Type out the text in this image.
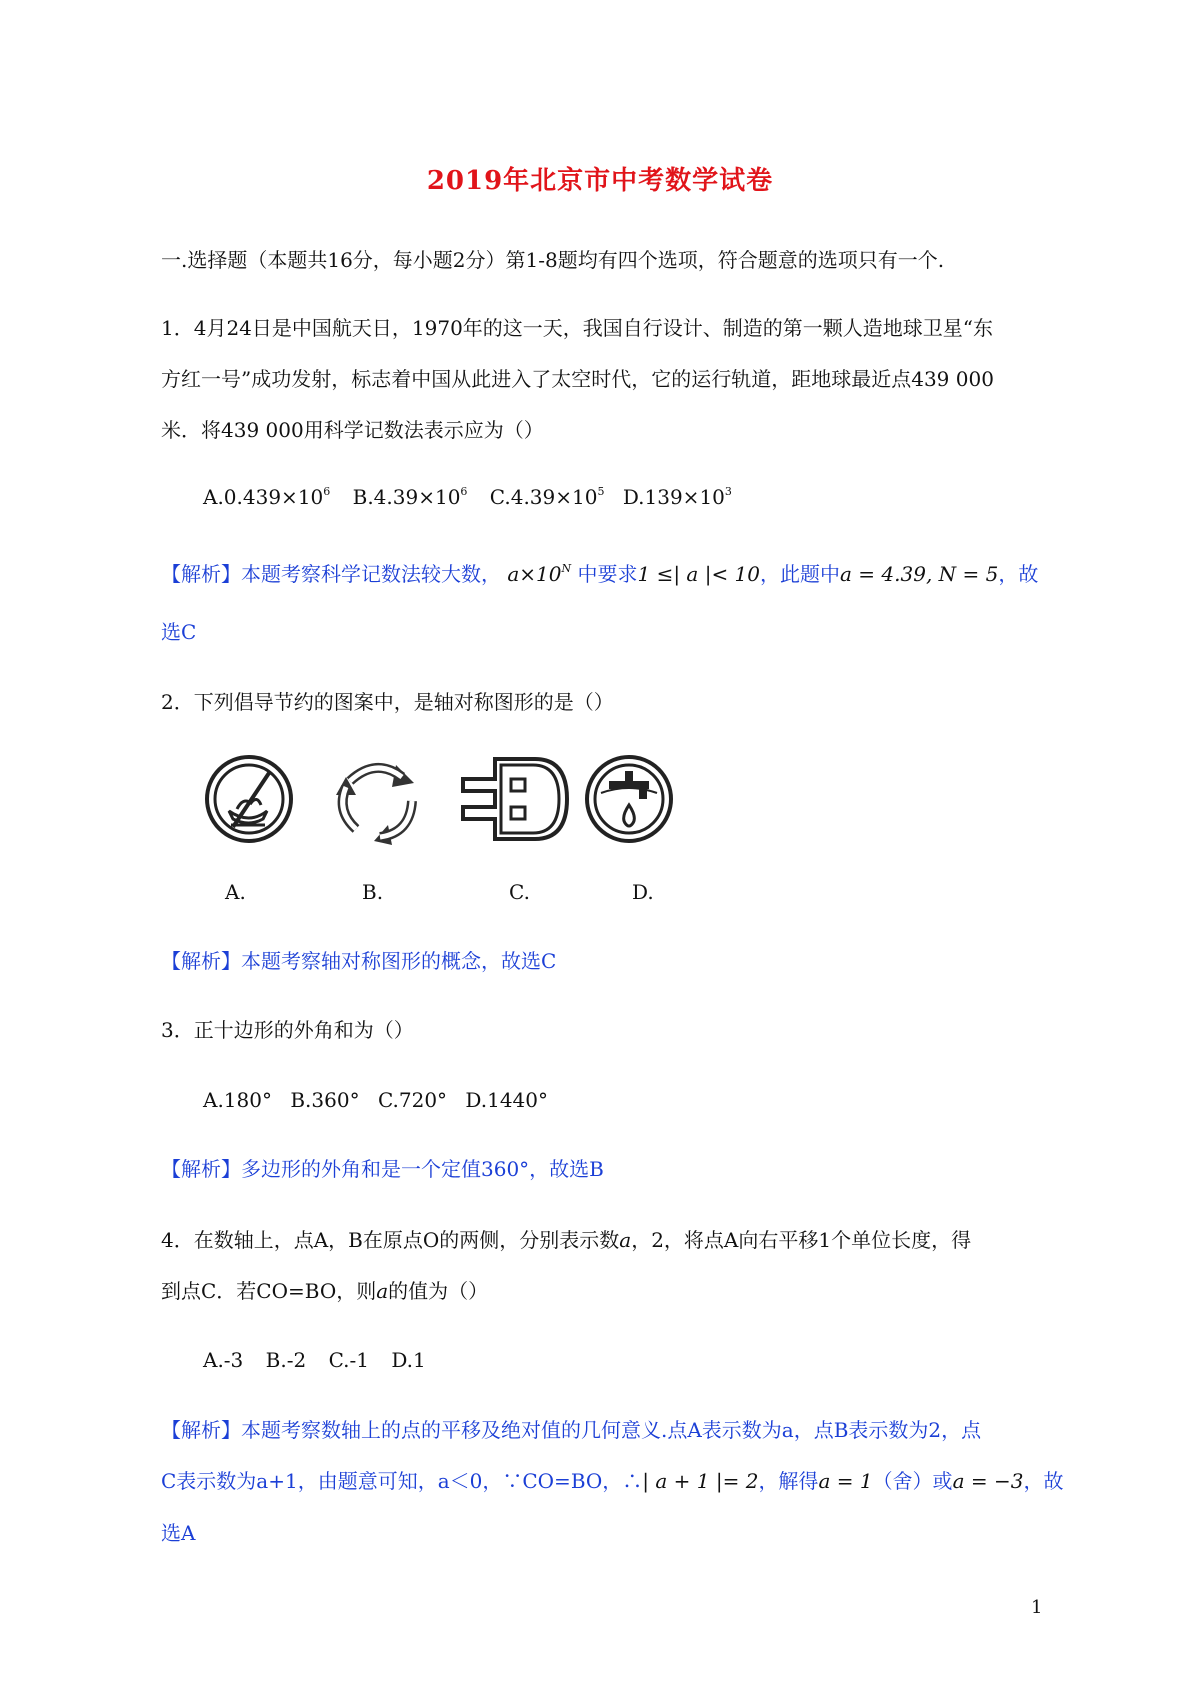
2019年北京市中考数学试卷
一.选择题（本题共16分，每小题2分）第1-8题均有四个选项，符合题意的选项只有一个.
1．4月24日是中国航天日，1970年的这一天，我国自行设计、制造的第一颗人造地球卫星“东
方红一号”成功发射，标志着中国从此进入了太空时代，它的运行轨道，距地球最近点439 000
米．将439 000用科学记数法表示应为（）
$A.0.439\times 10^6$ $B.4.39\times 10^6$ $C.4.39\times 10^5$ $D.139\times 10^3$
【解析】本题考察科学记数法较大数， $a\times 10^N$ 中要求1 ≤| a |< 10，此题中a = 4.39, N = 5，故
选C
2．下列倡导节约的图案中，是轴对称图形的是（）
A.	B.	C.	D.
【解析】本题考察轴对称图形的概念，故选C
3．正十边形的外角和为（）
A.180° B.360° C.720° D.1440°
【解析】多边形的外角和是一个定值360°，故选B
4．在数轴上，点A，B在原点O的两侧，分别表示数a，2，将点A向右平移1个单位长度，得
到点C．若CO=BO，则a的值为（）
A.-3 B.-2 C.-1 D.1
【解析】本题考察数轴上的点的平移及绝对值的几何意义.点A表示数为a，点B表示数为2，点
C表示数为a+1，由题意可知，a＜0，∵CO=BO，∴| a + 1 |= 2，解得a = 1（舍）或a = −3，故
选A
1
